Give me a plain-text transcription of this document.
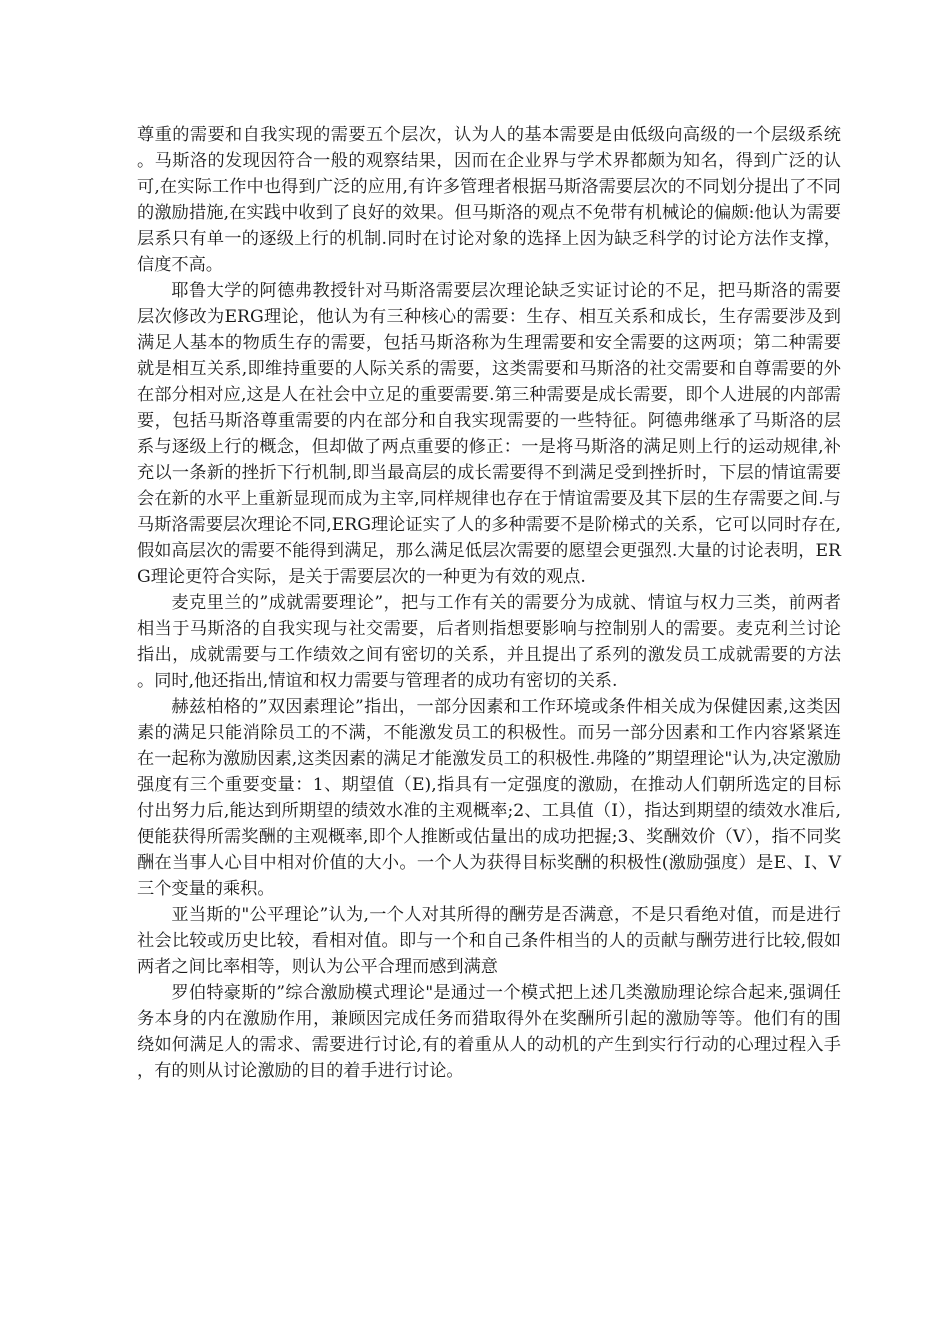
尊重的需要和自我实现的需要五个层次，认为人的基本需要是由低级向高级的一个层级系统。马斯洛的发现因符合一般的观察结果，因而在企业界与学术界都颇为知名，得到广泛的认可,在实际工作中也得到广泛的应用,有许多管理者根据马斯洛需要层次的不同划分提出了不同的激励措施,在实践中收到了良好的效果。但马斯洛的观点不免带有机械论的偏颇:他认为需要层系只有单一的逐级上行的机制.同时在讨论对象的选择上因为缺乏科学的讨论方法作支撑，信度不高。

耶鲁大学的阿德弗教授针对马斯洛需要层次理论缺乏实证讨论的不足，把马斯洛的需要层次修改为ERG理论，他认为有三种核心的需要：生存、相互关系和成长，生存需要涉及到满足人基本的物质生存的需要，包括马斯洛称为生理需要和安全需要的这两项；第二种需要就是相互关系,即维持重要的人际关系的需要，这类需要和马斯洛的社交需要和自尊需要的外在部分相对应,这是人在社会中立足的重要需要.第三种需要是成长需要，即个人进展的内部需要，包括马斯洛尊重需要的内在部分和自我实现需要的一些特征。阿德弗继承了马斯洛的层系与逐级上行的概念，但却做了两点重要的修正：一是将马斯洛的满足则上行的运动规律,补充以一条新的挫折下行机制,即当最高层的成长需要得不到满足受到挫折时，下层的情谊需要会在新的水平上重新显现而成为主宰,同样规律也存在于情谊需要及其下层的生存需要之间.与马斯洛需要层次理论不同,ERG理论证实了人的多种需要不是阶梯式的关系，它可以同时存在,假如高层次的需要不能得到满足，那么满足低层次需要的愿望会更强烈.大量的讨论表明，ERG理论更符合实际，是关于需要层次的一种更为有效的观点.

麦克里兰的”成就需要理论”，把与工作有关的需要分为成就、情谊与权力三类，前两者相当于马斯洛的自我实现与社交需要，后者则指想要影响与控制别人的需要。麦克利兰讨论指出，成就需要与工作绩效之间有密切的关系，并且提出了系列的激发员工成就需要的方法。同时,他还指出,情谊和权力需要与管理者的成功有密切的关系.

赫兹柏格的”双因素理论”指出，一部分因素和工作环境或条件相关成为保健因素,这类因素的满足只能消除员工的不满，不能激发员工的积极性。而另一部分因素和工作内容紧紧连在一起称为激励因素,这类因素的满足才能激发员工的积极性.弗隆的”期望理论"认为,决定激励强度有三个重要变量：1、期望值（E),指具有一定强度的激励，在推动人们朝所选定的目标付出努力后,能达到所期望的绩效水准的主观概率;2、工具值（I），指达到期望的绩效水准后,便能获得所需奖酬的主观概率,即个人推断或估量出的成功把握;3、奖酬效价（V），指不同奖酬在当事人心目中相对价值的大小。一个人为获得目标奖酬的积极性(激励强度）是E、I、V三个变量的乘积。

亚当斯的"公平理论”认为,一个人对其所得的酬劳是否满意，不是只看绝对值，而是进行社会比较或历史比较，看相对值。即与一个和自己条件相当的人的贡献与酬劳进行比较,假如两者之间比率相等，则认为公平合理而感到满意

罗伯特豪斯的”综合激励模式理论"是通过一个模式把上述几类激励理论综合起来,强调任务本身的内在激励作用，兼顾因完成任务而猎取得外在奖酬所引起的激励等等。他们有的围绕如何满足人的需求、需要进行讨论,有的着重从人的动机的产生到实行行动的心理过程入手，有的则从讨论激励的目的着手进行讨论。
